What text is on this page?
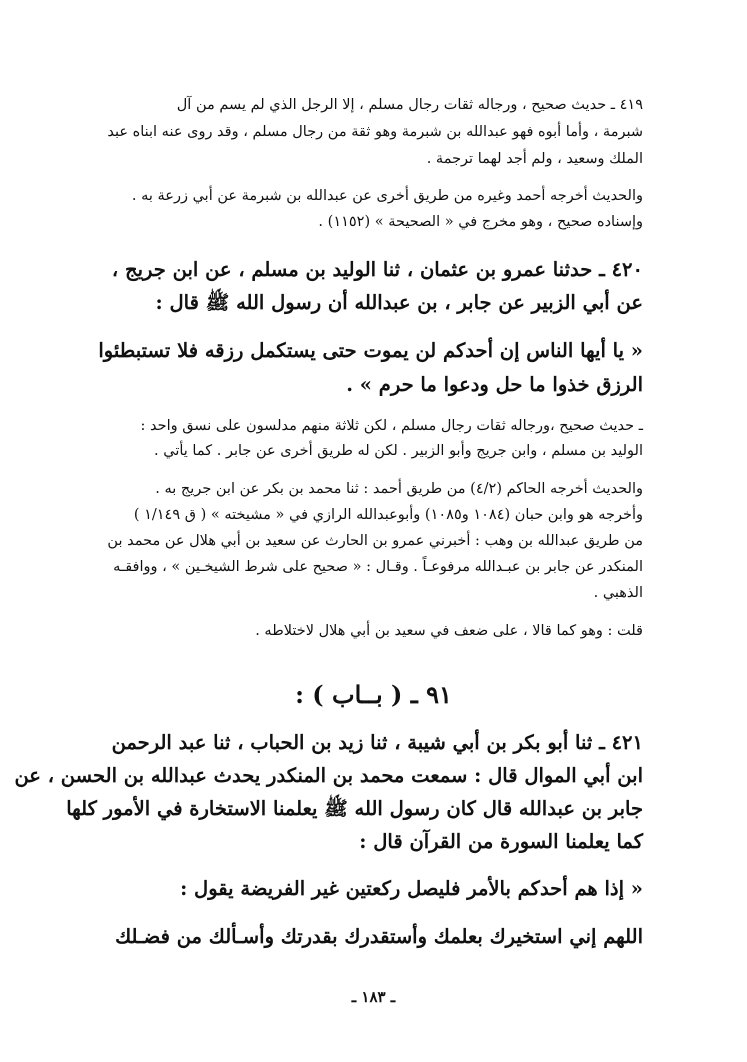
٤١٩ ـ حديث صحيح ، ورجاله ثقات رجال مسلم ، إلا الرجل الذي لم يسم من آل
شبرمة ، وأما أبوه فهو عبدالله بن شبرمة وهو ثقة من رجال مسلم ، وقد روى عنه ابناه عبد
الملك وسعيد ، ولم أجد لهما ترجمة .
والحديث أخرجه أحمد وغيره من طريق أخرى عن عبدالله بن شبرمة عن أبي زرعة به .
وإسناده صحيح ، وهو مخرج في « الصحيحة » (١١٥٢) .
٤٢٠ ـ حدثنا عمرو بن عثمان ، ثنا الوليد بن مسلم ، عن ابن جريج ،
عن أبي الزبير عن جابر ، بن عبدالله أن رسول الله ﷺ قال :
« يا أيها الناس إن أحدكم لن يموت حتى يستكمل رزقه فلا تستبطئوا
الرزق خذوا ما حل ودعوا ما حرم » .
ـ حديث صحيح ،ورجاله ثقات رجال مسلم ، لكن ثلاثة منهم مدلسون على نسق واحد :
الوليد بن مسلم ، وابن جريج وأبو الزبير . لكن له طريق أخرى عن جابر . كما يأتي .
والحديث أخرجه الحاكم (٤/٢) من طريق أحمد : ثنا محمد بن بكر عن ابن جريج به .
وأخرجه هو وابن حبان (١٠٨٤ و١٠٨٥) وأبوعبدالله الرازي في « مشيخته » ( ق ١/١٤٩ )
من طريق عبدالله بن وهب : أخبرني عمرو بن الحارث عن سعيد بن أبي هلال عن محمد بن
المنكدر عن جابر بن عبـدالله مرفوعـاً . وقـال : « صحيح على شرط الشيخـين » ، ووافقـه
الذهبي .
قلت : وهو كما قالا ، على ضعف في سعيد بن أبي هلال لاختلاطه .
٩١ ـ ( بــاب ) :
٤٢١ ـ ثنا أبو بكر بن أبي شيبة ، ثنا زيد بن الحباب ، ثنا عبد الرحمن
ابن أبي الموال قال : سمعت محمد بن المنكدر يحدث عبدالله بن الحسن ، عن
جابر بن عبدالله قال كان رسول الله ﷺ يعلمنا الاستخارة في الأمور كلها
كما يعلمنا السورة من القرآن قال :
« إذا هم أحدكم بالأمر فليصل ركعتين غير الفريضة يقول :
اللهم إني استخيرك بعلمك وأستقدرك بقدرتك وأسـألك من فضـلك
ـ ١٨٣ ـ
